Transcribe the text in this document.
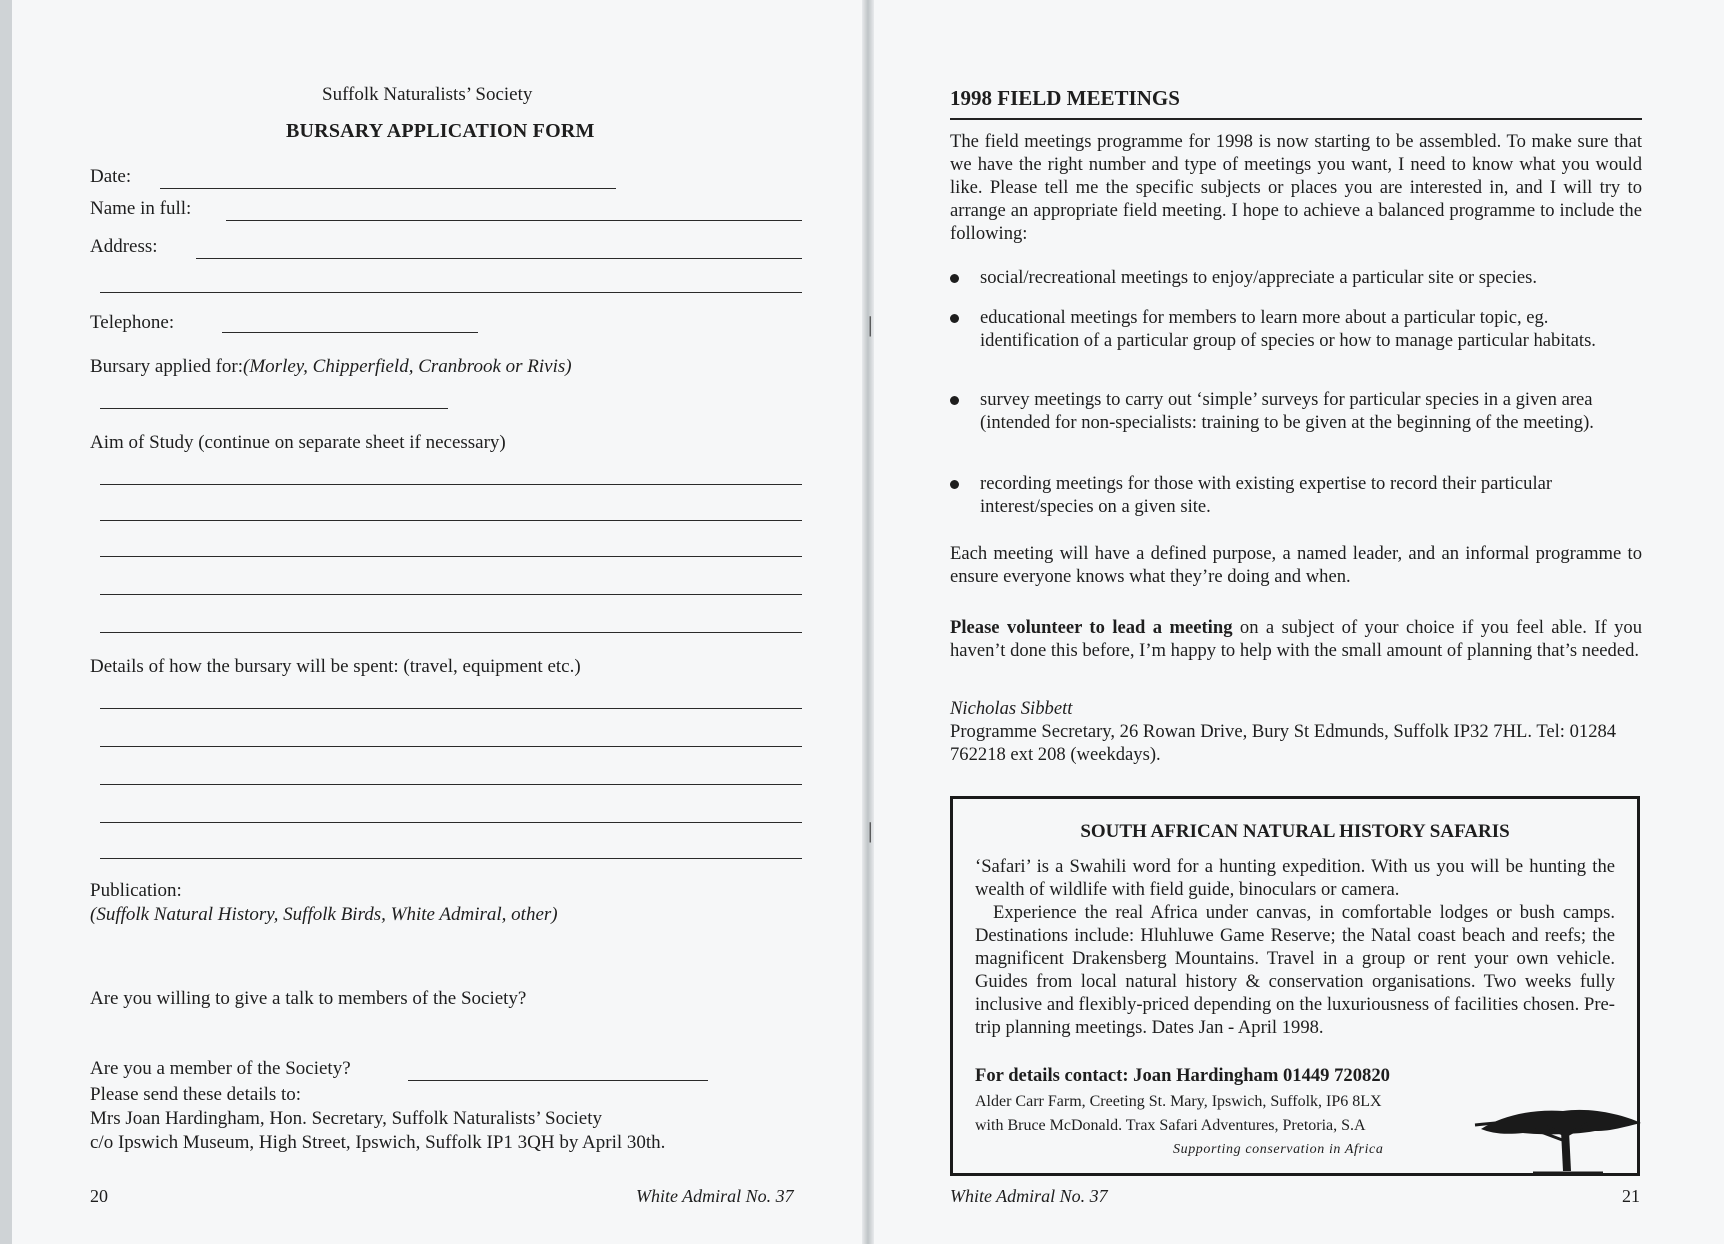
|
|
Suffolk Naturalists’ Society
BURSARY APPLICATION FORM
Date:
Name in full:
Address:
Telephone:
Bursary applied for:(Morley, Chipperfield, Cranbrook or Rivis)
Aim of Study (continue on separate sheet if necessary)
Details of how the bursary will be spent: (travel, equipment etc.)
Publication:
(Suffolk Natural History, Suffolk Birds, White Admiral, other)
Are you willing to give a talk to members of the Society?
Are you a member of the Society?
Please send these details to:
Mrs Joan Hardingham, Hon. Secretary, Suffolk Naturalists’ Society
c/o Ipswich Museum, High Street, Ipswich, Suffolk IP1 3QH by April 30th.
20	White Admiral No. 37
1998 FIELD MEETINGS
The field meetings programme for 1998 is now starting to be assembled. To make sure that we have the right number and type of meetings you want, I need to know what you would like. Please tell me the specific subjects or places you are interested in, and I will try to arrange an appropriate field meeting. I hope to achieve a balanced programme to include the following:
social/recreational meetings to enjoy/appreciate a particular site or species.
educational meetings for members to learn more about a particular topic, eg. identification of a particular group of species or how to manage particular habitats.
survey meetings to carry out ‘simple’ surveys for particular species in a given area (intended for non-specialists: training to be given at the beginning of the meeting).
recording meetings for those with existing expertise to record their particular interest/species on a given site.
Each meeting will have a defined purpose, a named leader, and an informal programme to ensure everyone knows what they’re doing and when.
Please volunteer to lead a meeting on a subject of your choice if you feel able. If you haven’t done this before, I’m happy to help with the small amount of planning that’s needed.
Nicholas Sibbett
Programme Secretary, 26 Rowan Drive, Bury St Edmunds, Suffolk IP32 7HL. Tel: 01284 762218 ext 208 (weekdays).
SOUTH AFRICAN NATURAL HISTORY SAFARIS

‘Safari’ is a Swahili word for a hunting expedition. With us you will be hunting the wealth of wildlife with field guide, binoculars or camera.

Experience the real Africa under canvas, in comfortable lodges or bush camps. Destinations include: Hluhluwe Game Reserve; the Natal coast beach and reefs; the magnificent Drakensberg Mountains. Travel in a group or rent your own vehicle. Guides from local natural history & conservation organisations. Two weeks fully inclusive and flexibly-priced depending on the luxuriousness of facilities chosen. Pre-trip planning meetings. Dates Jan - April 1998.

For details contact: Joan Hardingham 01449 720820
Alder Carr Farm, Creeting St. Mary, Ipswich, Suffolk, IP6 8LX
with Bruce McDonald. Trax Safari Adventures, Pretoria, S.A
Supporting conservation in Africa
White Admiral No. 37	21
